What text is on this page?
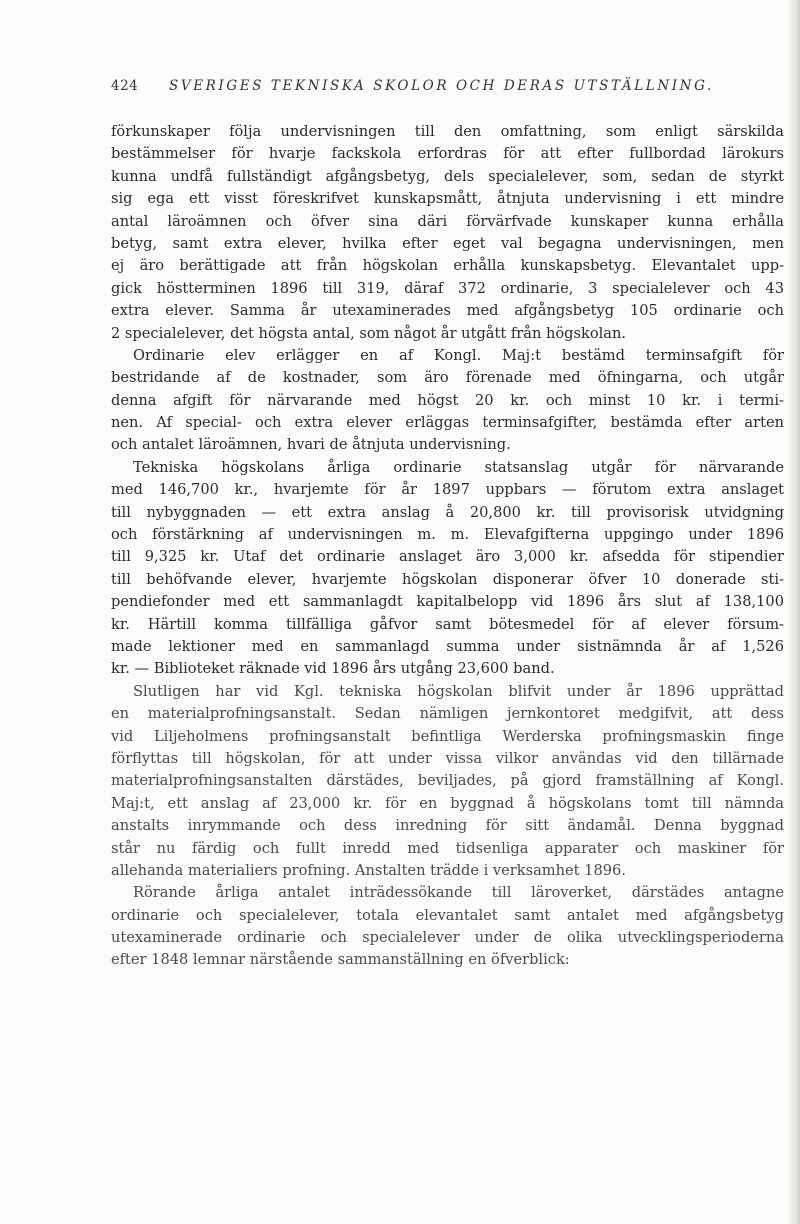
424	SVERIGES TEKNISKA SKOLOR OCH DERAS UTSTÄLLNING.

förkunskaper följa undervisningen till den omfattning, som enligt särskilda
bestämmelser för hvarje fackskola erfordras för att efter fullbordad lärokurs
kunna undfå fullständigt afgångsbetyg, dels specialelever, som, sedan de styrkt
sig ega ett visst föreskrifvet kunskapsmått, åtnjuta undervisning i ett mindre
antal läroämnen och öfver sina däri förvärfvade kunskaper kunna erhålla
betyg, samt extra elever, hvilka efter eget val begagna undervisningen, men
ej äro berättigade att från högskolan erhålla kunskapsbetyg. Elevantalet upp-
gick höstterminen 1896 till 319, däraf 372 ordinarie, 3 specialelever och 43
extra elever. Samma år utexaminerades med afgångsbetyg 105 ordinarie och
2 specialelever, det högsta antal, som något år utgått från högskolan.

Ordinarie elev erlägger en af Kongl. Maj:t bestämd terminsafgift för
bestridande af de kostnader, som äro förenade med öfningarna, och utgår
denna afgift för närvarande med högst 20 kr. och minst 10 kr. i termi-
nen. Af special- och extra elever erläggas terminsafgifter, bestämda efter arten
och antalet läroämnen, hvari de åtnjuta undervisning.

Tekniska högskolans årliga ordinarie statsanslag utgår för närvarande
med 146,700 kr., hvarjemte för år 1897 uppbars — förutom extra anslaget
till nybyggnaden — ett extra anslag å 20,800 kr. till provisorisk utvidgning
och förstärkning af undervisningen m. m. Elevafgifterna uppgingo under 1896
till 9,325 kr. Utaf det ordinarie anslaget äro 3,000 kr. afsedda för stipendier
till behöfvande elever, hvarjemte högskolan disponerar öfver 10 donerade sti-
pendiefonder med ett sammanlagdt kapitalbelopp vid 1896 års slut af 138,100
kr. Härtill komma tillfälliga gåfvor samt bötesmedel för af elever försum-
made lektioner med en sammanlagd summa under sistnämnda år af 1,526
kr. — Biblioteket räknade vid 1896 års utgång 23,600 band.

Slutligen har vid Kgl. tekniska högskolan blifvit under år 1896 upprättad
en materialprofningsanstalt. Sedan nämligen jernkontoret medgifvit, att dess
vid Liljeholmens profningsanstalt befintliga Werderska profningsmaskin finge
förflyttas till högskolan, för att under vissa vilkor användas vid den tillärnade
materialprofningsanstalten därstädes, beviljades, på gjord framställning af Kongl.
Maj:t, ett anslag af 23,000 kr. för en byggnad å högskolans tomt till nämnda
anstalts inrymmande och dess inredning för sitt ändamål. Denna byggnad
står nu färdig och fullt inredd med tidsenliga apparater och maskiner för
allehanda materialiers profning. Anstalten trädde i verksamhet 1896.

Rörande årliga antalet inträdessökande till läroverket, därstädes antagne
ordinarie och specialelever, totala elevantalet samt antalet med afgångsbetyg
utexaminerade ordinarie och specialelever under de olika utvecklingsperioderna
efter 1848 lemnar närstående sammanställning en öfverblick:
